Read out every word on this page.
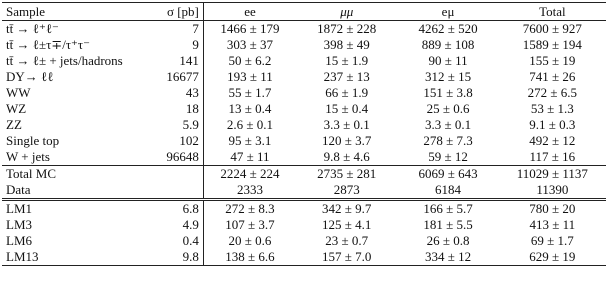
Sample	σ [pb]	ee	μμ	eμ	Total
tt̄ → ℓ⁺ℓ⁻	7	1466 ± 179	1872 ± 228	4262 ± 520	7600 ± 927
tt̄ → ℓ±τ∓/τ⁺τ⁻	9	303 ± 37	398 ± 49	889 ± 108	1589 ± 194
tt̄ → ℓ± + jets/hadrons	141	50 ± 6.2	15 ± 1.9	90 ± 11	155 ± 19
DY→ ℓℓ	16677	193 ± 11	237 ± 13	312 ± 15	741 ± 26
WW	43	55 ± 1.7	66 ± 1.9	151 ± 3.8	272 ± 6.5
WZ	18	13 ± 0.4	15 ± 0.4	25 ± 0.6	53 ± 1.3
ZZ	5.9	2.6 ± 0.1	3.3 ± 0.1	3.3 ± 0.1	9.1 ± 0.3
Single top	102	95 ± 3.1	120 ± 3.7	278 ± 7.3	492 ± 12
W + jets	96648	47 ± 11	9.8 ± 4.6	59 ± 12	117 ± 16
Total MC		2224 ± 224	2735 ± 281	6069 ± 643	11029 ± 1137
Data		2333	2873	6184	11390
LM1	6.8	272 ± 8.3	342 ± 9.7	166 ± 5.7	780 ± 20
LM3	4.9	107 ± 3.7	125 ± 4.1	181 ± 5.5	413 ± 11
LM6	0.4	20 ± 0.6	23 ± 0.7	26 ± 0.8	69 ± 1.7
LM13	9.8	138 ± 6.6	157 ± 7.0	334 ± 12	629 ± 19
